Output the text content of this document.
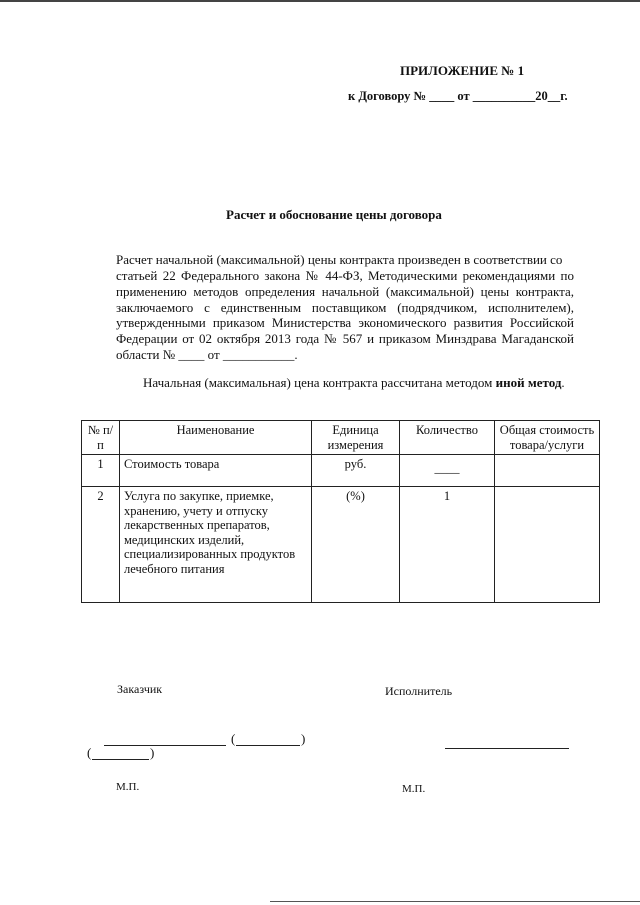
ПРИЛОЖЕНИЕ № 1
к Договору № ____ от __________20__г.
Расчет и обоснование цены договора

Расчет начальной (максимальной) цены контракта произведен в соответствии со

статьей 22 Федерального закона № 44-ФЗ, Методическими рекомендациями по

применению методов определения начальной (максимальной) цены контракта,

заключаемого с единственным поставщиком (подрядчиком, исполнителем),

утвержденными приказом Министерства экономического развития Российской

Федерации от 02 октября 2013 года № 567 и приказом Минздрава Магаданской

области № ____ от ___________.

Начальная (максимальная) цена контракта рассчитана методом иной метод.
№ п/п	Наименование	Единица измерения	Количество	Общая стоимость товара/услуги
1	Стоимость товара	руб.	____	
2	Услуга по закупке, приемке, хранению, учету и отпуску лекарственных препаратов, медицинских изделий, специализированных продуктов лечебного питания	(%)	1	
Заказчик	Исполнитель
(	)
(	)
М.П.	М.П.
